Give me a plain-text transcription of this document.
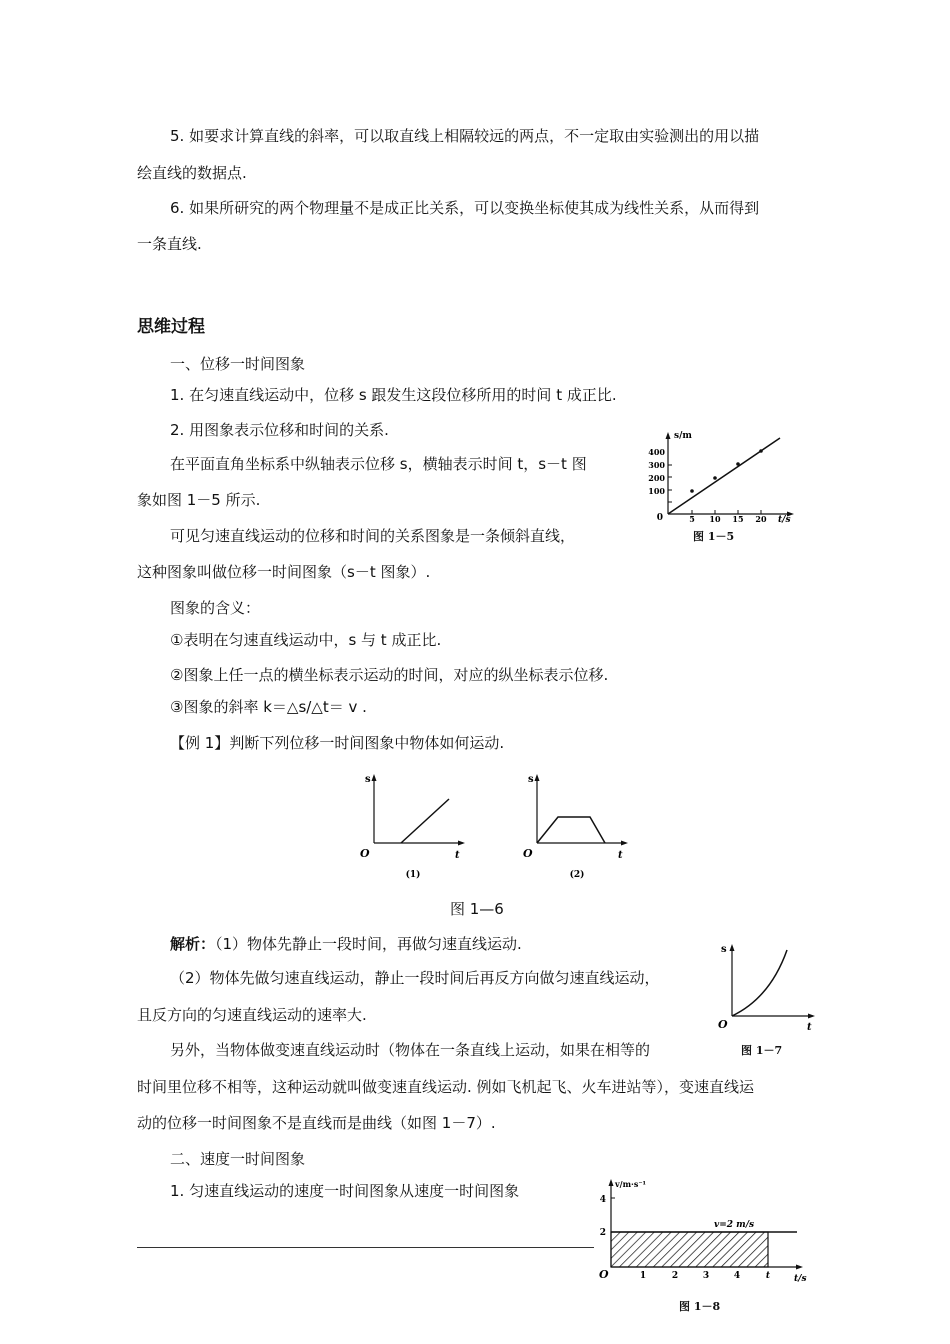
5. 如要求计算直线的斜率，可以取直线上相隔较远的两点，不一定取由实验测出的用以描
绘直线的数据点.
6. 如果所研究的两个物理量不是成正比关系，可以变换坐标使其成为线性关系，从而得到
一条直线.
思维过程
一、位移一时间图象
1. 在匀速直线运动中，位移 s 跟发生这段位移所用的时间 t 成正比.
2. 用图象表示位移和时间的关系.
在平面直角坐标系中纵轴表示位移 s，横轴表示时间 t，s－t 图
象如图 1－5 所示.
可见匀速直线运动的位移和时间的关系图象是一条倾斜直线，
这种图象叫做位移一时间图象（s－t 图象）.
图象的含义：
①表明在匀速直线运动中，s 与 t 成正比.
②图象上任一点的横坐标表示运动的时间，对应的纵坐标表示位移.
③图象的斜率 k＝△s/△t＝ v .
【例 1】判断下列位移一时间图象中物体如何运动.
图 1—6
解析：（1）物体先静止一段时间，再做匀速直线运动.
（2）物体先做匀速直线运动，静止一段时间后再反方向做匀速直线运动，
且反方向的匀速直线运动的速率大.
另外，当物体做变速直线运动时（物体在一条直线上运动，如果在相等的
时间里位移不相等，这种运动就叫做变速直线运动. 例如飞机起飞、火车进站等），变速直线运
动的位移一时间图象不是直线而是曲线（如图 1－7）.
二、速度一时间图象
1. 匀速直线运动的速度一时间图象从速度一时间图象
s/m
t/s
0
400
300
200
100
5 10 15 20
图 1－5
s
t
O
(1)
s
t
O
(2)
s
t
O
图 1－7
v/m·s⁻¹
t/s
O
4
2
1	2	3	4	t
v=2 m/s
图 1－8
